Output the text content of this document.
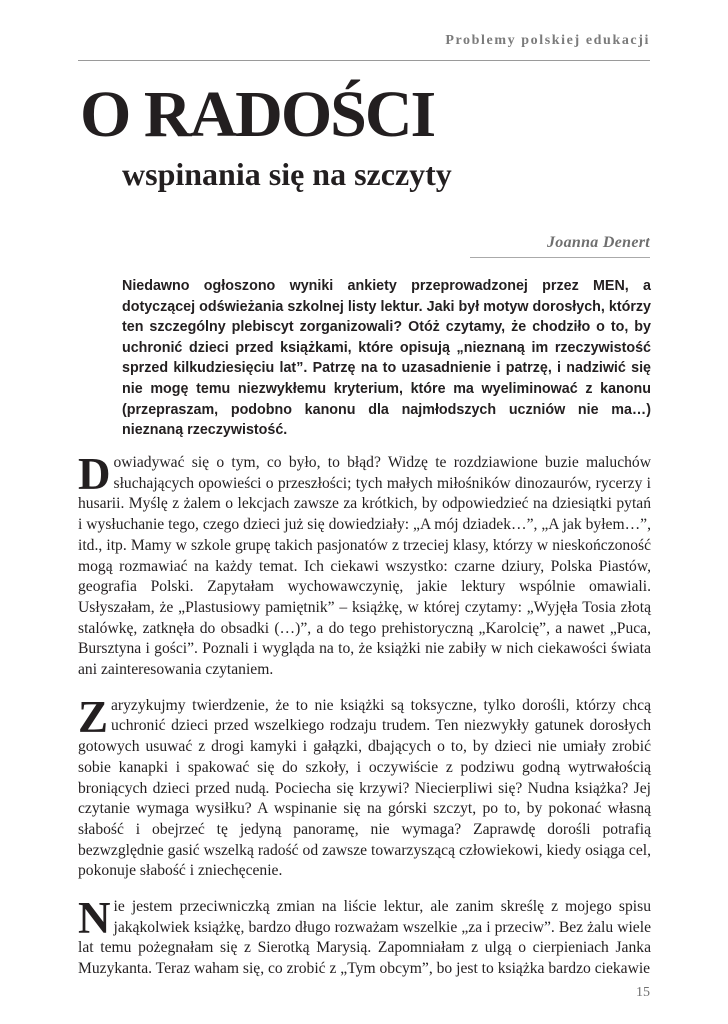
Problemy polskiej edukacji
O RADOŚCI
wspinania się na szczyty
Joanna Denert

Niedawno ogłoszono wyniki ankiety przeprowadzonej przez MEN, a dotyczącej odświeżania szkolnej listy lektur. Jaki był motyw dorosłych, którzy ten szczególny plebiscyt zorganizowali? Otóż czytamy, że chodziło o to, by uchronić dzieci przed książkami, które opisują „nieznaną im rzeczywistość sprzed kilkudziesięciu lat”. Patrzę na to uzasadnienie i patrzę, i nadziwić się nie mogę temu niezwykłemu kryterium, które ma wyeliminować z kanonu (przepraszam, podobno kanonu dla najmłodszych uczniów nie ma…) nieznaną rzeczywistość.

Dowiadywać się o tym, co było, to błąd? Widzę te rozdziawione buzie maluchów słuchających opowieści o przeszłości; tych małych miłośników dinozaurów, rycerzy i husarii. Myślę z żalem o lekcjach zawsze za krótkich, by odpowiedzieć na dziesiątki pytań i wysłuchanie tego, czego dzieci już się dowiedziały: „A mój dziadek…”, „A jak byłem…”, itd., itp. Mamy w szkole grupę takich pasjonatów z trzeciej klasy, którzy w nieskończoność mogą rozmawiać na każdy temat. Ich ciekawi wszystko: czarne dziury, Polska Piastów, geografia Polski. Zapytałam wychowawczynię, jakie lektury wspólnie omawiali. Usłyszałam, że „Plastusiowy pamiętnik” – książkę, w której czytamy: „Wyjęła Tosia złotą stalówkę, zatknęła do obsadki (…)”, a do tego prehistoryczną „Karolcię”, a nawet „Puca, Bursztyna i gości”. Poznali i wygląda na to, że książki nie zabiły w nich ciekawości świata ani zainteresowania czytaniem.

Zaryzykujmy twierdzenie, że to nie książki są toksyczne, tylko dorośli, którzy chcą uchronić dzieci przed wszelkiego rodzaju trudem. Ten niezwykły gatunek dorosłych gotowych usuwać z drogi kamyki i gałązki, dbających o to, by dzieci nie umiały zrobić sobie kanapki i spakować się do szkoły, i oczywiście z podziwu godną wytrwałością broniących dzieci przed nudą. Pociecha się krzywi? Niecierpliwi się? Nudna książka? Jej czytanie wymaga wysiłku? A wspinanie się na górski szczyt, po to, by pokonać własną słabość i obejrzeć tę jedyną panoramę, nie wymaga? Zaprawdę dorośli potrafią bezwzględnie gasić wszelką radość od zawsze towarzyszącą człowiekowi, kiedy osiąga cel, pokonuje słabość i zniechęcenie.

Nie jestem przeciwniczką zmian na liście lektur, ale zanim skreślę z mojego spisu jakąkolwiek książkę, bardzo długo rozważam wszelkie „za i przeciw”. Bez żalu wiele lat temu pożegnałam się z Sierotką Marysią. Zapomniałam z ulgą o cierpieniach Janka Muzykanta. Teraz waham się, co zrobić z „Tym obcym”, bo jest to książka bardzo ciekawie

15
